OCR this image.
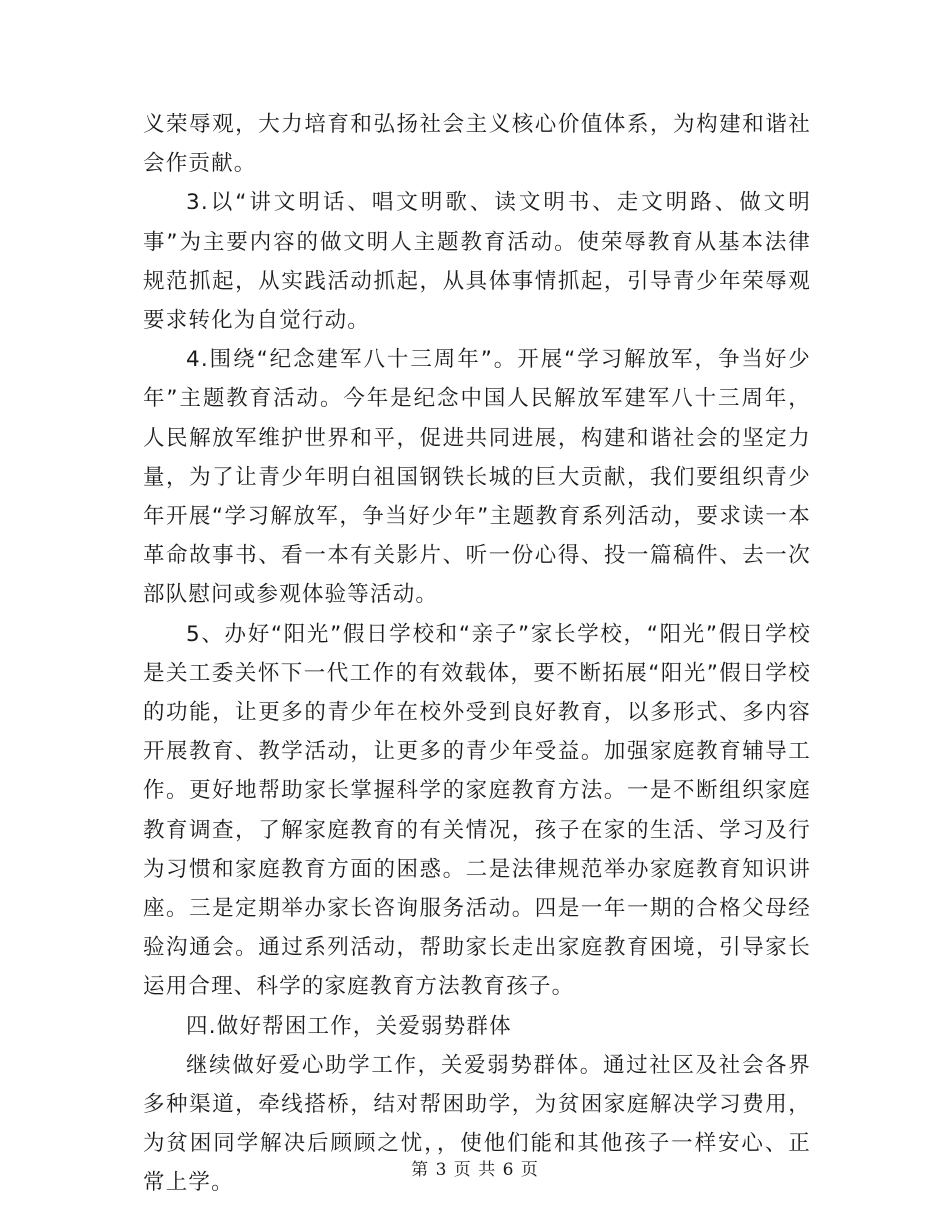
义荣辱观，大力培育和弘扬社会主义核心价值体系，为构建和谐社会作贡献。

3.以“讲文明话、唱文明歌、读文明书、走文明路、做文明事”为主要内容的做文明人主题教育活动。使荣辱教育从基本法律规范抓起，从实践活动抓起，从具体事情抓起，引导青少年荣辱观要求转化为自觉行动。

4.围绕“纪念建军八十三周年”。开展“学习解放军，争当好少年”主题教育活动。今年是纪念中国人民解放军建军八十三周年，人民解放军维护世界和平，促进共同进展，构建和谐社会的坚定力量，为了让青少年明白祖国钢铁长城的巨大贡献，我们要组织青少年开展“学习解放军，争当好少年”主题教育系列活动，要求读一本革命故事书、看一本有关影片、听一份心得、投一篇稿件、去一次部队慰问或参观体验等活动。

5、办好“阳光”假日学校和“亲子”家长学校，“阳光”假日学校是关工委关怀下一代工作的有效载体，要不断拓展“阳光”假日学校的功能，让更多的青少年在校外受到良好教育，以多形式、多内容开展教育、教学活动，让更多的青少年受益。加强家庭教育辅导工作。更好地帮助家长掌握科学的家庭教育方法。一是不断组织家庭教育调查，了解家庭教育的有关情况，孩子在家的生活、学习及行为习惯和家庭教育方面的困惑。二是法律规范举办家庭教育知识讲座。三是定期举办家长咨询服务活动。四是一年一期的合格父母经验沟通会。通过系列活动，帮助家长走出家庭教育困境，引导家长运用合理、科学的家庭教育方法教育孩子。

四.做好帮困工作，关爱弱势群体

继续做好爱心助学工作，关爱弱势群体。通过社区及社会各界多种渠道，牵线搭桥，结对帮困助学，为贫困家庭解决学习费用，为贫困同学解决后顾顾之忧，，使他们能和其他孩子一样安心、正常上学。

第 3 页 共 6 页
